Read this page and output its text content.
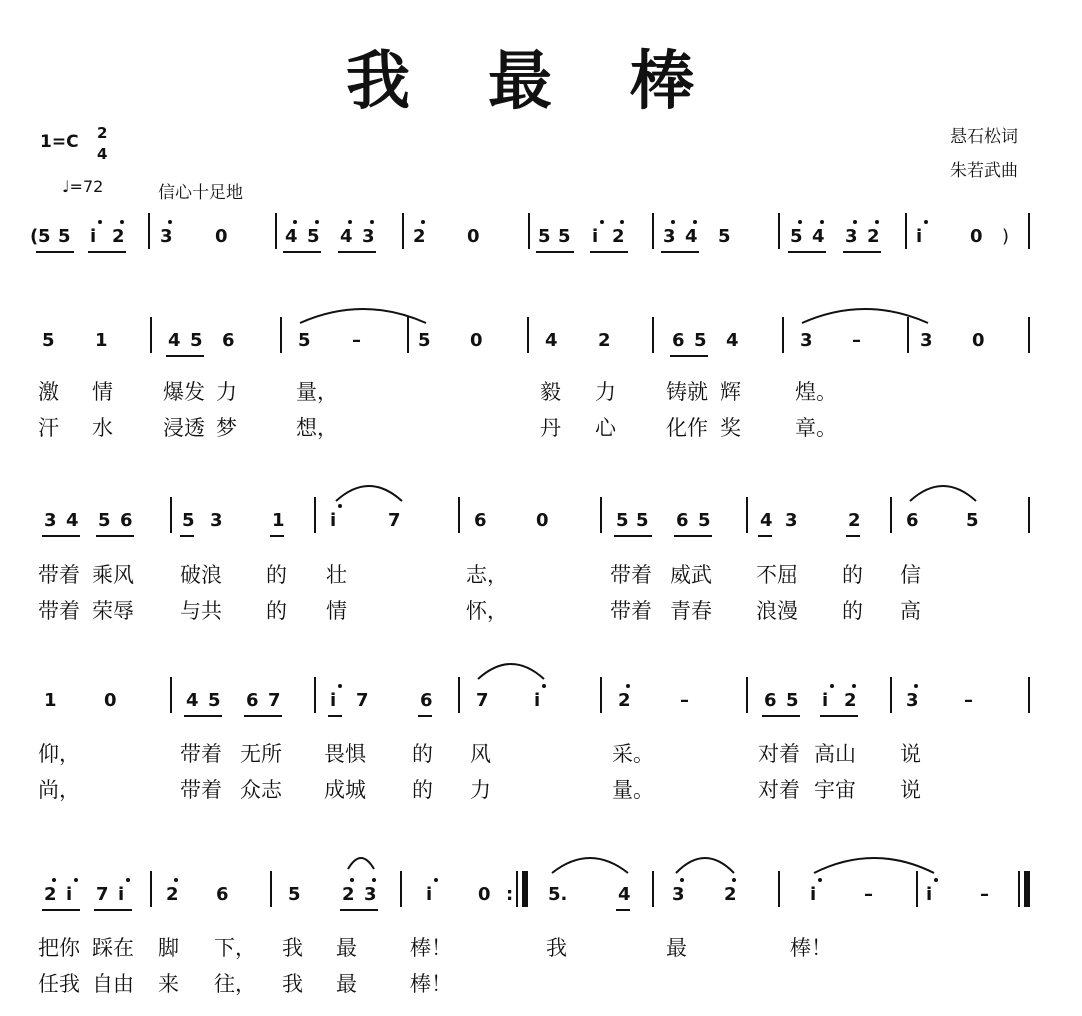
我最棒
1=C 2
4
♩=72	信心十足地
悬石松词
朱若武曲
( 5 5 i 2 3 0	4 5 4 3 2 0	5 5 i 2 3 4 5	5 4 3 2 i	0 )
5 1	4 5 6	5 –	5 0	4 2	6 5 4	3 –	3 0
激 情 爆发 力	量，	毅 力 铸就 辉	煌。
汗 水 浸透 梦	想，	丹 心 化作 奖	章。
3 4 5 6	5 3	1	i	7	6	0	5 5 6 5	4 3	2	6	5
带着 乘风 破浪 的 壮	志，	带着 威武 不屈 的 信
带着 荣辱 与共 的 情	怀，	带着 青春 浪漫 的 高
1	0	4 5 6 7	i 7	6 7	i	2	–	6 5 i 2	3	–
仰，	带着 无所 畏惧 的 风	采。	对着 高山 说
尚，	带着 众志 成城 的 力	量。	对着 宇宙 说
2 i 7 i 2 6	5 2 3	i	0 : 5.	4 3 2	i	–	i	–
把你 踩在 脚 下， 我 最	棒！	我	最	棒！
任我 自由 来 往， 我 最	棒！
